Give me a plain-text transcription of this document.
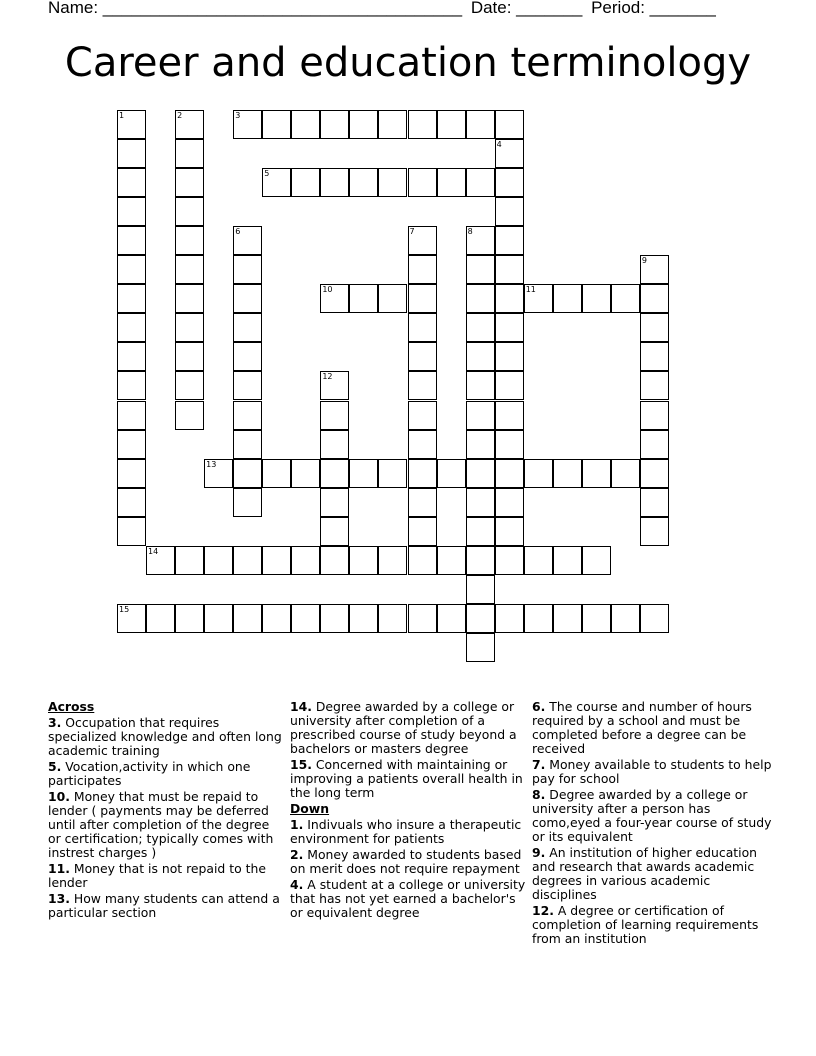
Name: ______________________________________ Date: _______ Period: _______
Career and education terminology
1	2	3
5
4
6	7	8
9
10	11
12
13
14
15
Across
3. Occupation that requires specialized knowledge and often long academic training
5. Vocation,activity in which one participates
10. Money that must be repaid to lender ( payments may be deferred until after completion of the degree or certification; typically comes with instrest charges )
11. Money that is not repaid to the lender
13. How many students can attend a particular section
14. Degree awarded by a college or university after completion of a prescribed course of study beyond a bachelors or masters degree
15. Concerned with maintaining or improving a patients overall health in the long term
Down
1. Indivuals who insure a therapeutic environment for patients
2. Money awarded to students based on merit does not require repayment
4. A student at a college or university that has not yet earned a bachelor's or equivalent degree
6. The course and number of hours required by a school and must be completed before a degree can be received
7. Money available to students to help pay for school
8. Degree awarded by a college or university after a person has como,eyed a four-year course of study or its equivalent
9. An institution of higher education and research that awards academic degrees in various academic disciplines
12. A degree or certification of completion of learning requirements from an institution
